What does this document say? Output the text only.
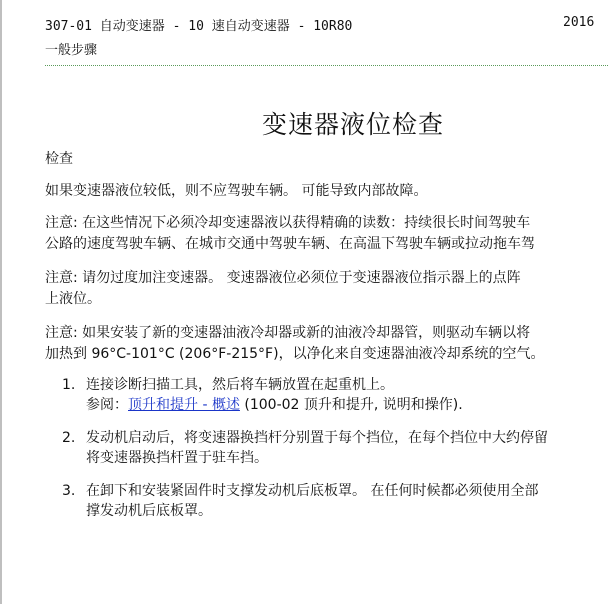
307-01 自动变速器 - 10 速自动变速器 - 10R80	2016
一般步骤
变速器液位检查
检查
如果变速器液位较低，则不应驾驶车辆。 可能导致内部故障。
注意: 在这些情况下必须冷却变速器液以获得精确的读数：持续很长时间驾驶车
公路的速度驾驶车辆、在城市交通中驾驶车辆、在高温下驾驶车辆或拉动拖车驾
注意: 请勿过度加注变速器。 变速器液位必须位于变速器液位指示器上的点阵
上液位。
注意: 如果安装了新的变速器油液冷却器或新的油液冷却器管，则驱动车辆以将
加热到 96°C-101°C (206°F-215°F)，以净化来自变速器油液冷却系统的空气。
1. 连接诊断扫描工具，然后将车辆放置在起重机上。
参阅：顶升和提升 - 概述 (100-02 顶升和提升, 说明和操作).
2. 发动机启动后，将变速器换挡杆分别置于每个挡位，在每个挡位中大约停留
将变速器换挡杆置于驻车挡。
3. 在卸下和安装紧固件时支撑发动机后底板罩。 在任何时候都必须使用全部
撑发动机后底板罩。
